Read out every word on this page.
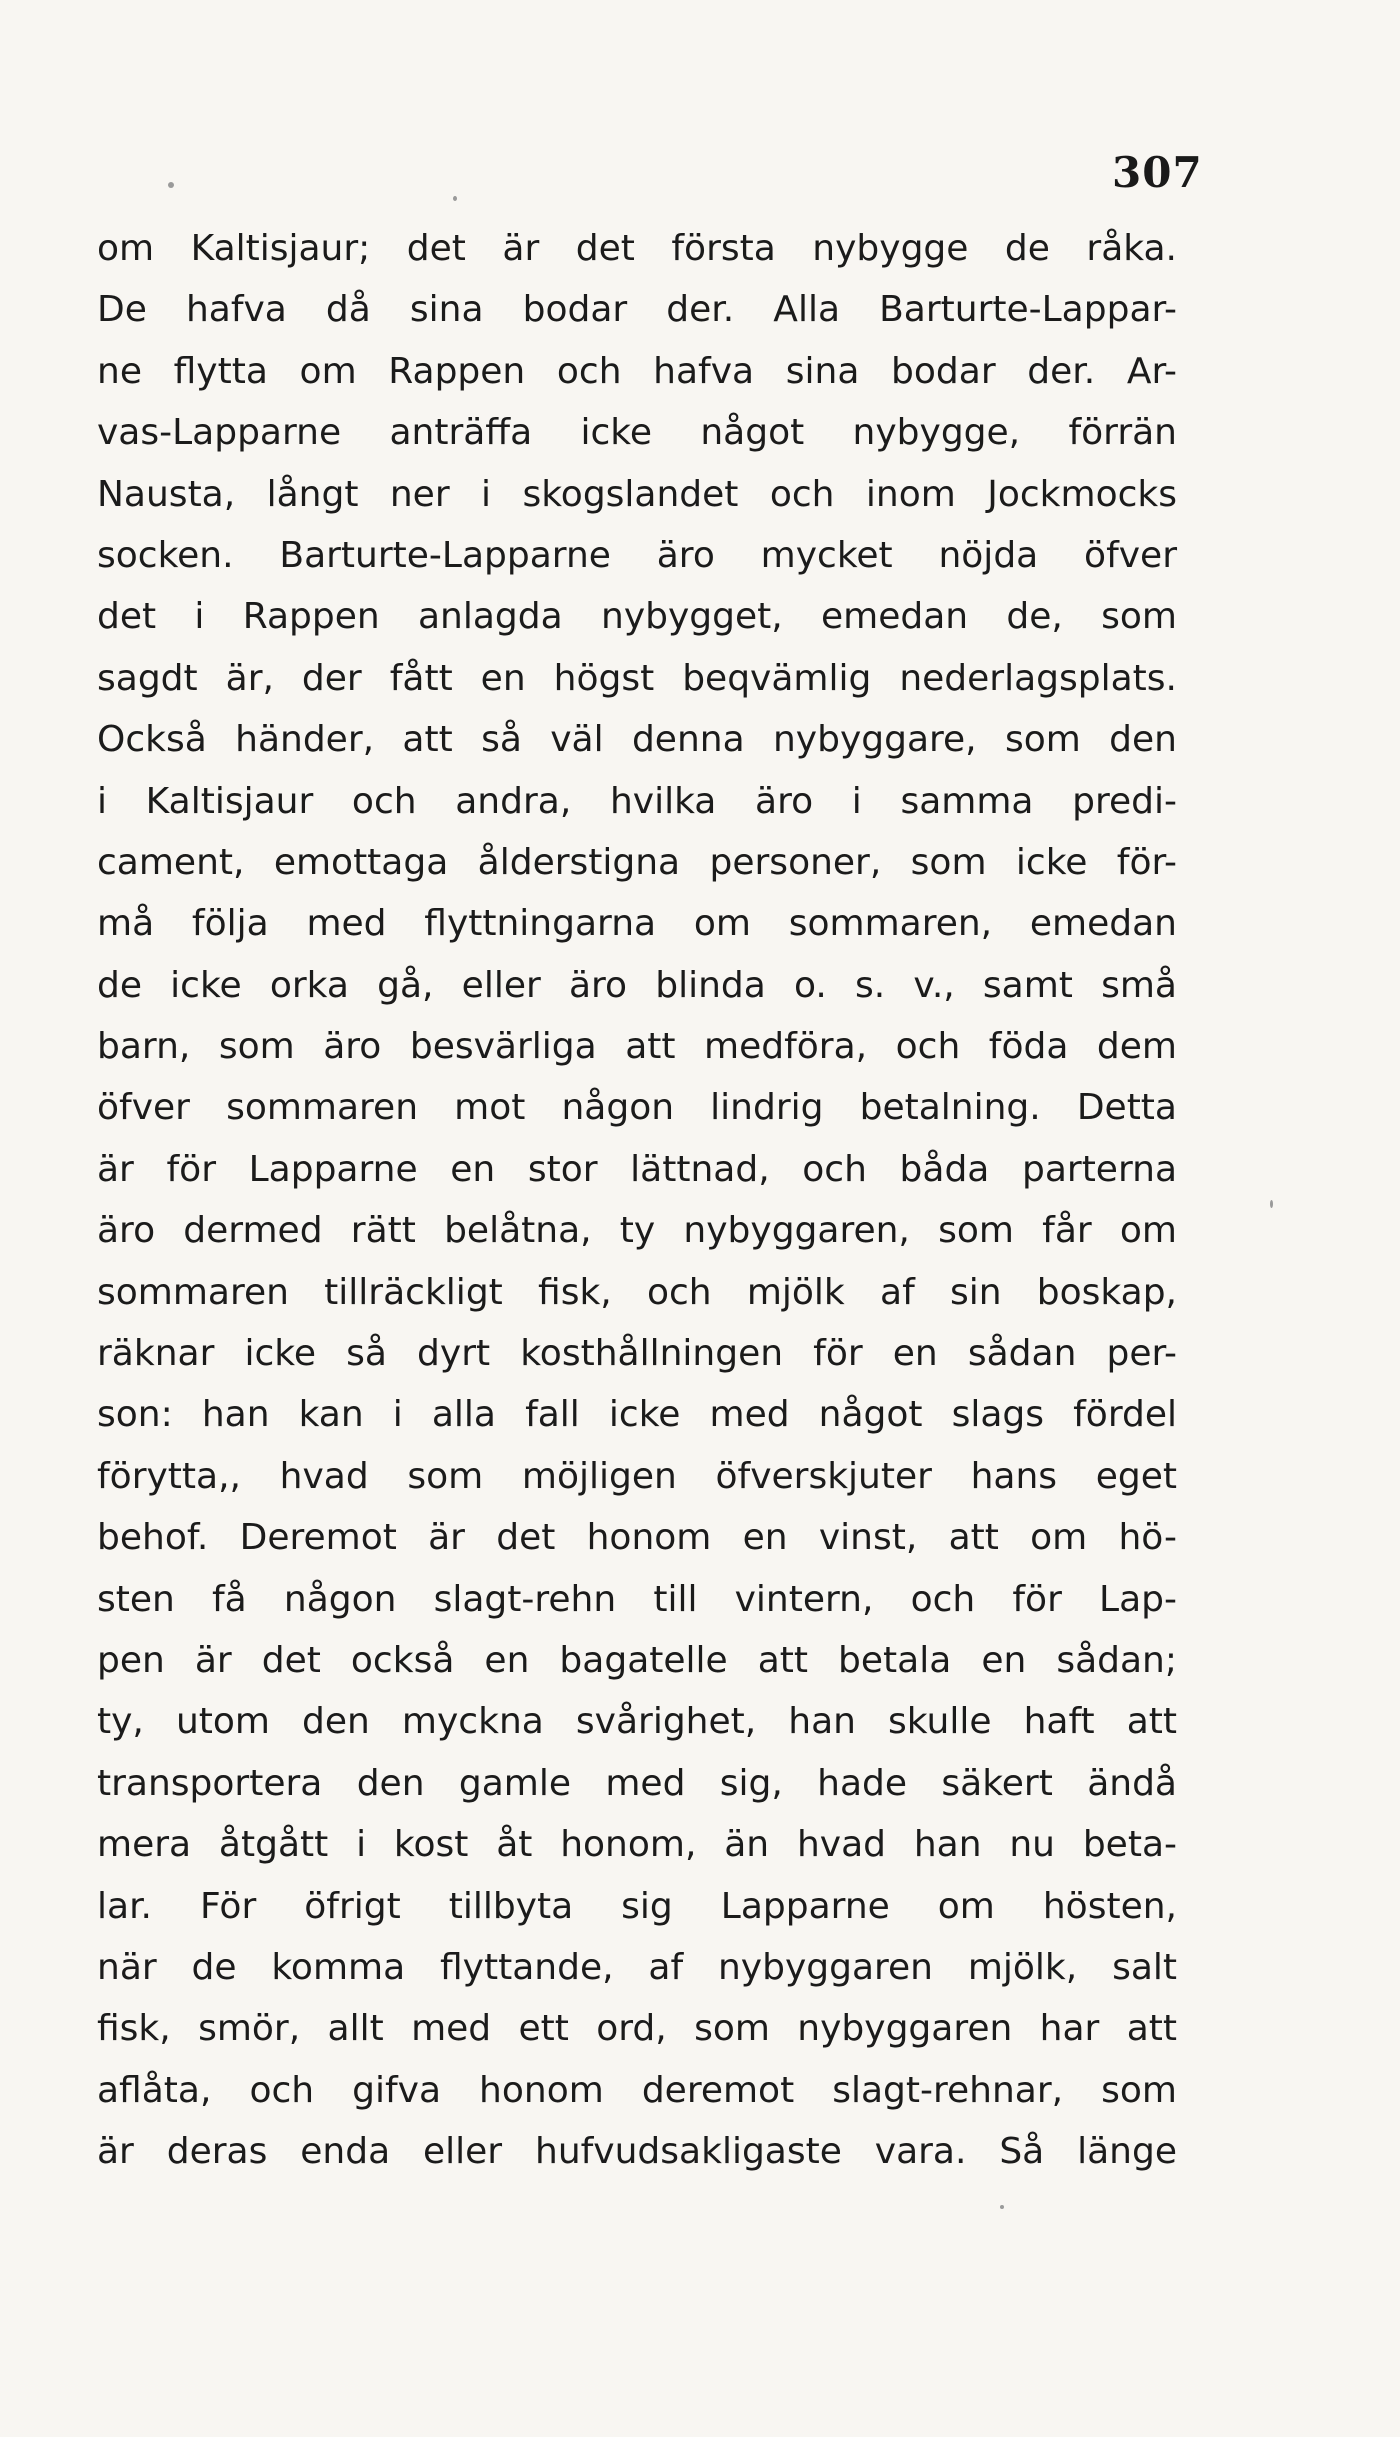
307
om Kaltisjaur; det är det första nybygge de råka.
De hafva då sina bodar der. Alla Barturte-Lappar-
ne flytta om Rappen och hafva sina bodar der. Ar-
vas-Lapparne anträffa icke något nybygge, förrän
Nausta, långt ner i skogslandet och inom Jockmocks
socken. Barturte-Lapparne äro mycket nöjda öfver
det i Rappen anlagda nybygget, emedan de, som
sagdt är, der fått en högst beqvämlig nederlagsplats.
Också händer, att så väl denna nybyggare, som den
i Kaltisjaur och andra, hvilka äro i samma predi-
cament, emottaga ålderstigna personer, som icke för-
må följa med flyttningarna om sommaren, emedan
de icke orka gå, eller äro blinda o. s. v., samt små
barn, som äro besvärliga att medföra, och föda dem
öfver sommaren mot någon lindrig betalning. Detta
är för Lapparne en stor lättnad, och båda parterna
äro dermed rätt belåtna, ty nybyggaren, som får om
sommaren tillräckligt fisk, och mjölk af sin boskap,
räknar icke så dyrt kosthållningen för en sådan per-
son: han kan i alla fall icke med något slags fördel
förytta,, hvad som möjligen öfverskjuter hans eget
behof. Deremot är det honom en vinst, att om hö-
sten få någon slagt-rehn till vintern, och för Lap-
pen är det också en bagatelle att betala en sådan;
ty, utom den myckna svårighet, han skulle haft att
transportera den gamle med sig, hade säkert ändå
mera åtgått i kost åt honom, än hvad han nu beta-
lar. För öfrigt tillbyta sig Lapparne om hösten,
när de komma flyttande, af nybyggaren mjölk, salt
fisk, smör, allt med ett ord, som nybyggaren har att
aflåta, och gifva honom deremot slagt-rehnar, som
är deras enda eller hufvudsakligaste vara. Så länge
